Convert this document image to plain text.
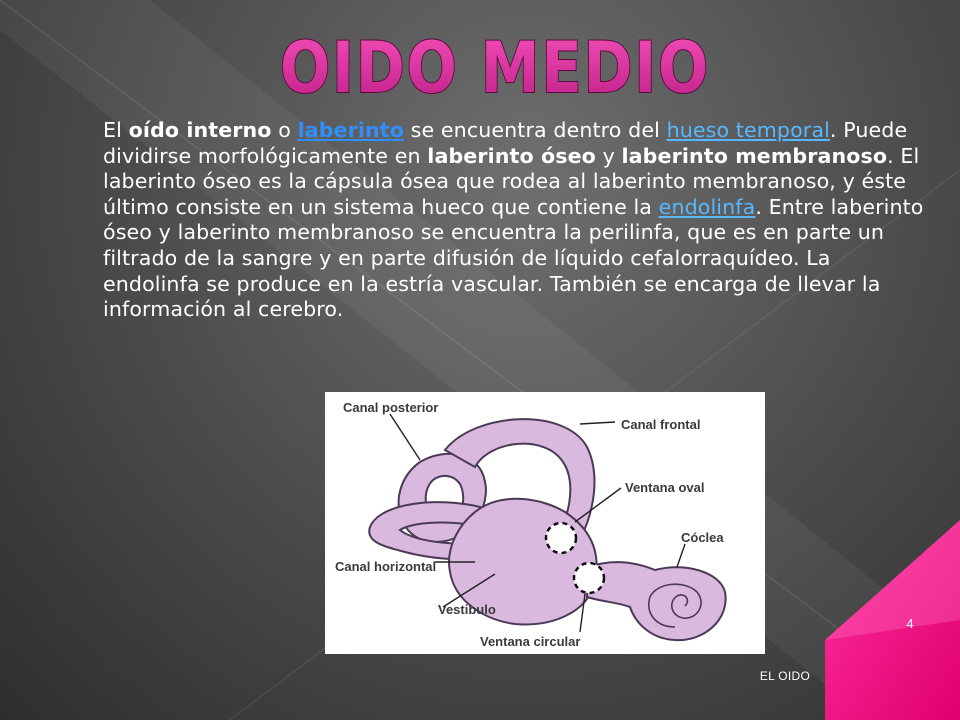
OIDO MEDIO
El oído interno o laberinto se encuentra dentro del hueso temporal. Puede dividirse morfológicamente en laberinto óseo y laberinto membranoso. El laberinto óseo es la cápsula ósea que rodea al laberinto membranoso, y éste último consiste en un sistema hueco que contiene la endolinfa. Entre laberinto óseo y laberinto membranoso se encuentra la perilinfa, que es en parte un filtrado de la sangre y en parte difusión de líquido cefalorraquídeo. La endolinfa se produce en la estría vascular. También se encarga de llevar la información al cerebro.
Canal posterior
Canal frontal
Ventana oval
Cóclea
Canal horizontal
Vestibulo
Ventana circular
4
EL OIDO
